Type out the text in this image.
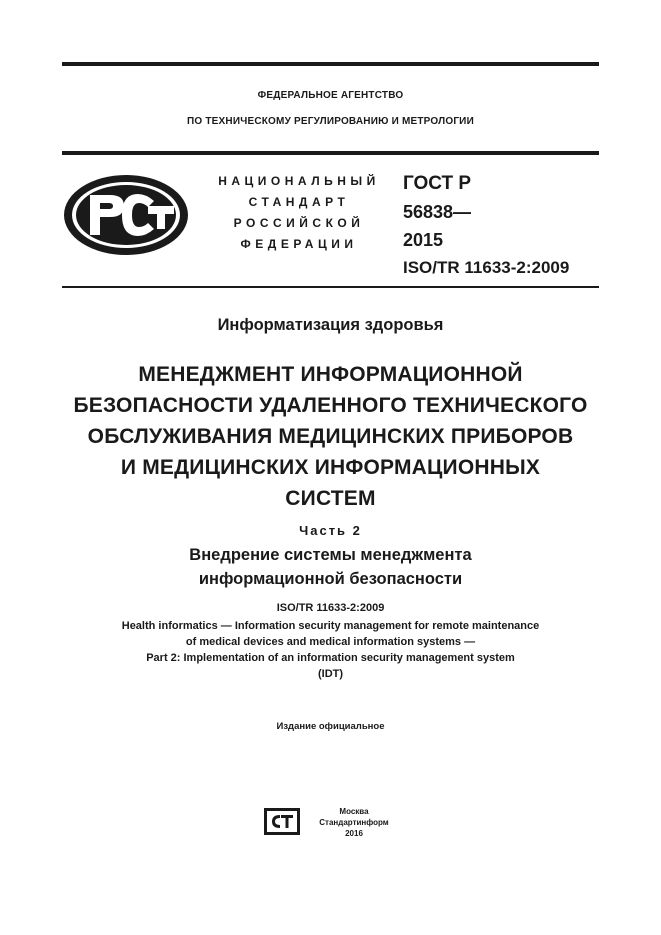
ФЕДЕРАЛЬНОЕ АГЕНТСТВО
ПО ТЕХНИЧЕСКОМУ РЕГУЛИРОВАНИЮ И МЕТРОЛОГИИ
НАЦИОНАЛЬНЫЙ
СТАНДАРТ
РОССИЙСКОЙ
ФЕДЕРАЦИИ
ГОСТ Р
56838—
2015
ISO/TR 11633-2:2009
Информатизация здоровья
МЕНЕДЖМЕНТ ИНФОРМАЦИОННОЙ
БЕЗОПАСНОСТИ УДАЛЕННОГО ТЕХНИЧЕСКОГО
ОБСЛУЖИВАНИЯ МЕДИЦИНСКИХ ПРИБОРОВ
И МЕДИЦИНСКИХ ИНФОРМАЦИОННЫХ
СИСТЕМ
Часть 2
Внедрение системы менеджмента
информационной безопасности
ISO/TR 11633-2:2009
Health informatics — Information security management for remote maintenance
of medical devices and medical information systems —
Part 2: Implementation of an information security management system
(IDT)
Издание официальное
Москва
Стандартинформ
2016
